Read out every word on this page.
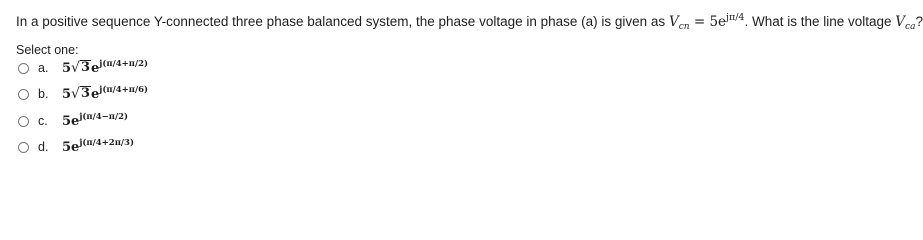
In a positive sequence Y-connected three phase balanced system, the phase voltage in phase (a) is given as $V_{cn} = 5e^{j\pi/4}$. What is the line voltage $V_{ca}$?
Select one:
a.	5 √ 3 $e^{j(\pi/4+\pi/2)}$
b.	5 √ 3 $e^{j(\pi/4+\pi/6)}$
c.	$5e^{j(\pi/4-\pi/2)}$
d.	$5e^{j(\pi/4+2\pi/3)}$
